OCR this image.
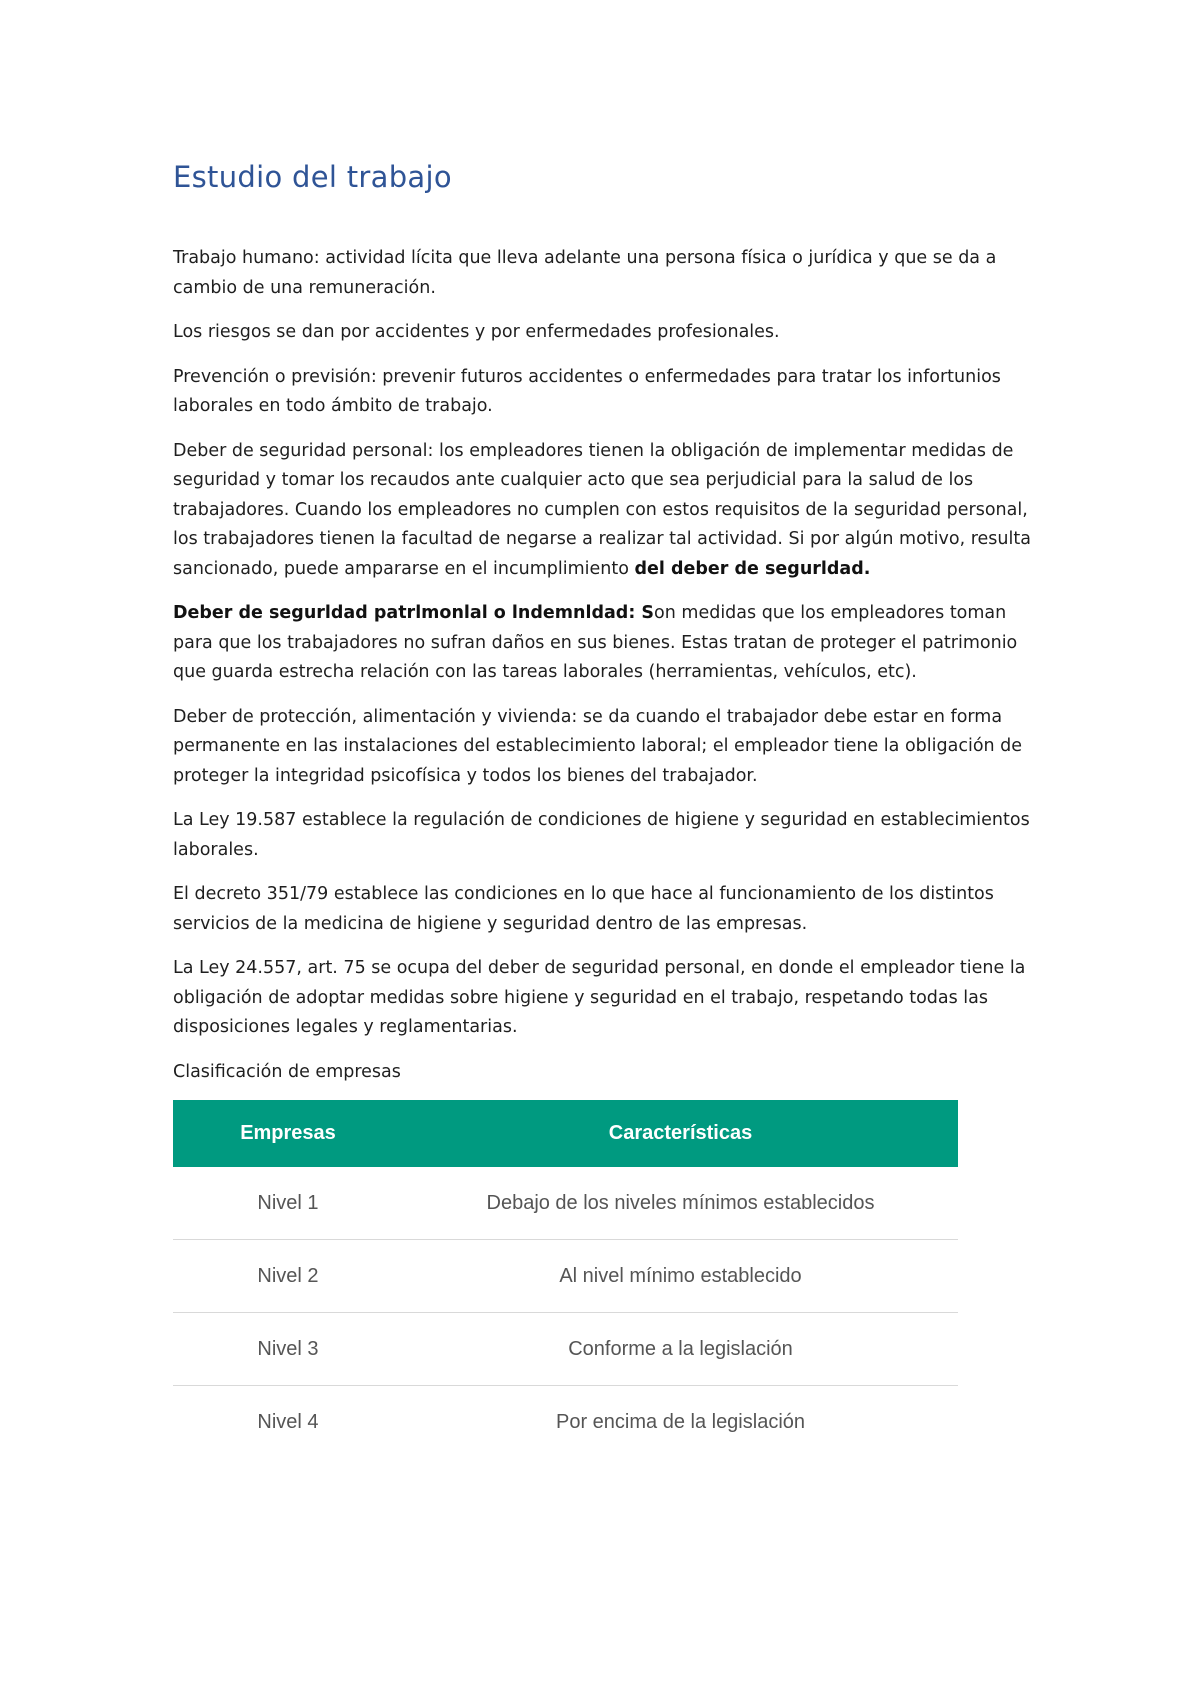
Estudio del trabajo

Trabajo humano: actividad lícita que lleva adelante una persona física o jurídica y que se da a cambio de una remuneración.

Los riesgos se dan por accidentes y por enfermedades profesionales.

Prevención o previsión: prevenir futuros accidentes o enfermedades para tratar los infortunios laborales en todo ámbito de trabajo.

Deber de seguridad personal: los empleadores tienen la obligación de implementar medidas de seguridad y tomar los recaudos ante cualquier acto que sea perjudicial para la salud de los trabajadores. Cuando los empleadores no cumplen con estos requisitos de la seguridad personal, los trabajadores tienen la facultad de negarse a realizar tal actividad. Si por algún motivo, resulta sancionado, puede ampararse en el incumplimiento del deber de segurldad.

Deber de segurldad patrlmonlal o lndemnldad: Son medidas que los empleadores toman para que los trabajadores no sufran daños en sus bienes. Estas tratan de proteger el patrimonio que guarda estrecha relación con las tareas laborales (herramientas, vehículos, etc).

Deber de protección, alimentación y vivienda: se da cuando el trabajador debe estar en forma permanente en las instalaciones del establecimiento laboral; el empleador tiene la obligación de proteger la integridad psicofísica y todos los bienes del trabajador.

La Ley 19.587 establece la regulación de condiciones de higiene y seguridad en establecimientos laborales.

El decreto 351/79 establece las condiciones en lo que hace al funcionamiento de los distintos servicios de la medicina de higiene y seguridad dentro de las empresas.

La Ley 24.557, art. 75 se ocupa del deber de seguridad personal, en donde el empleador tiene la obligación de adoptar medidas sobre higiene y seguridad en el trabajo, respetando todas las disposiciones legales y reglamentarias.

Clasificación de empresas

Empresas	Características
Nivel 1	Debajo de los niveles mínimos establecidos
Nivel 2	Al nivel mínimo establecido
Nivel 3	Conforme a la legislación
Nivel 4	Por encima de la legislación
